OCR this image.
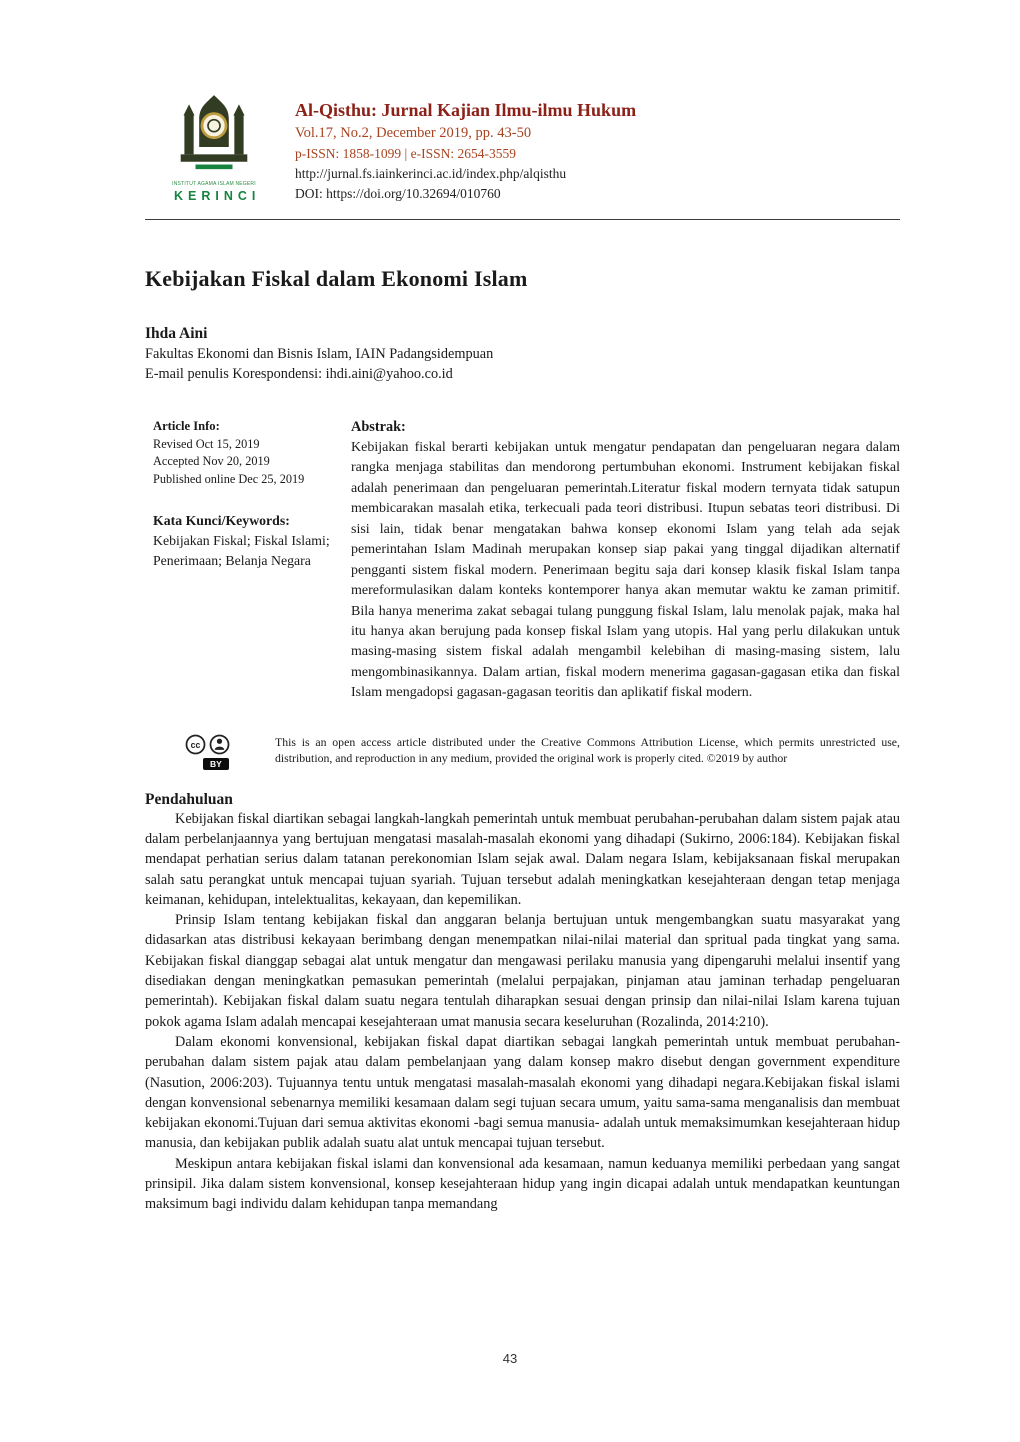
INSTITUT AGAMA ISLAM NEGERI
KERINCI
Al-Qisthu: Jurnal Kajian Ilmu-ilmu Hukum
Vol.17, No.2, December 2019, pp. 43-50
p-ISSN: 1858-1099 | e-ISSN: 2654-3559
http://jurnal.fs.iainkerinci.ac.id/index.php/alqisthu
DOI: https://doi.org/10.32694/010760
Kebijakan Fiskal dalam Ekonomi Islam
Ihda Aini
Fakultas Ekonomi dan Bisnis Islam, IAIN Padangsidempuan
E-mail penulis Korespondensi: ihdi.aini@yahoo.co.id
Article Info:
Revised Oct 15, 2019
Accepted Nov 20, 2019
Published online Dec 25, 2019
Kata Kunci/Keywords:
Kebijakan Fiskal; Fiskal Islami; Penerimaan; Belanja Negara
Abstrak:

Kebijakan fiskal berarti kebijakan untuk mengatur pendapatan dan pengeluaran negara dalam rangka menjaga stabilitas dan mendorong pertumbuhan ekonomi. Instrument kebijakan fiskal adalah penerimaan dan pengeluaran pemerintah.Literatur fiskal modern ternyata tidak satupun membicarakan masalah etika, terkecuali pada teori distribusi. Itupun sebatas teori distribusi. Di sisi lain, tidak benar mengatakan bahwa konsep ekonomi Islam yang telah ada sejak pemerintahan Islam Madinah merupakan konsep siap pakai yang tinggal dijadikan alternatif pengganti sistem fiskal modern. Penerimaan begitu saja dari konsep klasik fiskal Islam tanpa mereformulasikan dalam konteks kontemporer hanya akan memutar waktu ke zaman primitif. Bila hanya menerima zakat sebagai tulang punggung fiskal Islam, lalu menolak pajak, maka hal itu hanya akan berujung pada konsep fiskal Islam yang utopis. Hal yang perlu dilakukan untuk masing-masing sistem fiskal adalah mengambil kelebihan di masing-masing sistem, lalu mengombinasikannya. Dalam artian, fiskal modern menerima gagasan-gagasan etika dan fiskal Islam mengadopsi gagasan-gagasan teoritis dan aplikatif fiskal modern.

cc
BY

This is an open access article distributed under the Creative Commons Attribution License, which permits unrestricted use, distribution, and reproduction in any medium, provided the original work is properly cited. ©2019 by author

Pendahuluan

Kebijakan fiskal diartikan sebagai langkah-langkah pemerintah untuk membuat perubahan-perubahan dalam sistem pajak atau dalam perbelanjaannya yang bertujuan mengatasi masalah-masalah ekonomi yang dihadapi (Sukirno, 2006:184). Kebijakan fiskal mendapat perhatian serius dalam tatanan perekonomian Islam sejak awal. Dalam negara Islam, kebijaksanaan fiskal merupakan salah satu perangkat untuk mencapai tujuan syariah. Tujuan tersebut adalah meningkatkan kesejahteraan dengan tetap menjaga keimanan, kehidupan, intelektualitas, kekayaan, dan kepemilikan.

Prinsip Islam tentang kebijakan fiskal dan anggaran belanja bertujuan untuk mengembangkan suatu masyarakat yang didasarkan atas distribusi kekayaan berimbang dengan menempatkan nilai-nilai material dan spritual pada tingkat yang sama. Kebijakan fiskal dianggap sebagai alat untuk mengatur dan mengawasi perilaku manusia yang dipengaruhi melalui insentif yang disediakan dengan meningkatkan pemasukan pemerintah (melalui perpajakan, pinjaman atau jaminan terhadap pengeluaran pemerintah). Kebijakan fiskal dalam suatu negara tentulah diharapkan sesuai dengan prinsip dan nilai-nilai Islam karena tujuan pokok agama Islam adalah mencapai kesejahteraan umat manusia secara keseluruhan (Rozalinda, 2014:210).

Dalam ekonomi konvensional, kebijakan fiskal dapat diartikan sebagai langkah pemerintah untuk membuat perubahan-perubahan dalam sistem pajak atau dalam pembelanjaan yang dalam konsep makro disebut dengan government expenditure (Nasution, 2006:203). Tujuannya tentu untuk mengatasi masalah-masalah ekonomi yang dihadapi negara.Kebijakan fiskal islami dengan konvensional sebenarnya memiliki kesamaan dalam segi tujuan secara umum, yaitu sama-sama menganalisis dan membuat kebijakan ekonomi.Tujuan dari semua aktivitas ekonomi -bagi semua manusia- adalah untuk memaksimumkan kesejahteraan hidup manusia, dan kebijakan publik adalah suatu alat untuk mencapai tujuan tersebut.

Meskipun antara kebijakan fiskal islami dan konvensional ada kesamaan, namun keduanya memiliki perbedaan yang sangat prinsipil. Jika dalam sistem konvensional, konsep kesejahteraan hidup yang ingin dicapai adalah untuk mendapatkan keuntungan maksimum bagi individu dalam kehidupan tanpa memandang

43
